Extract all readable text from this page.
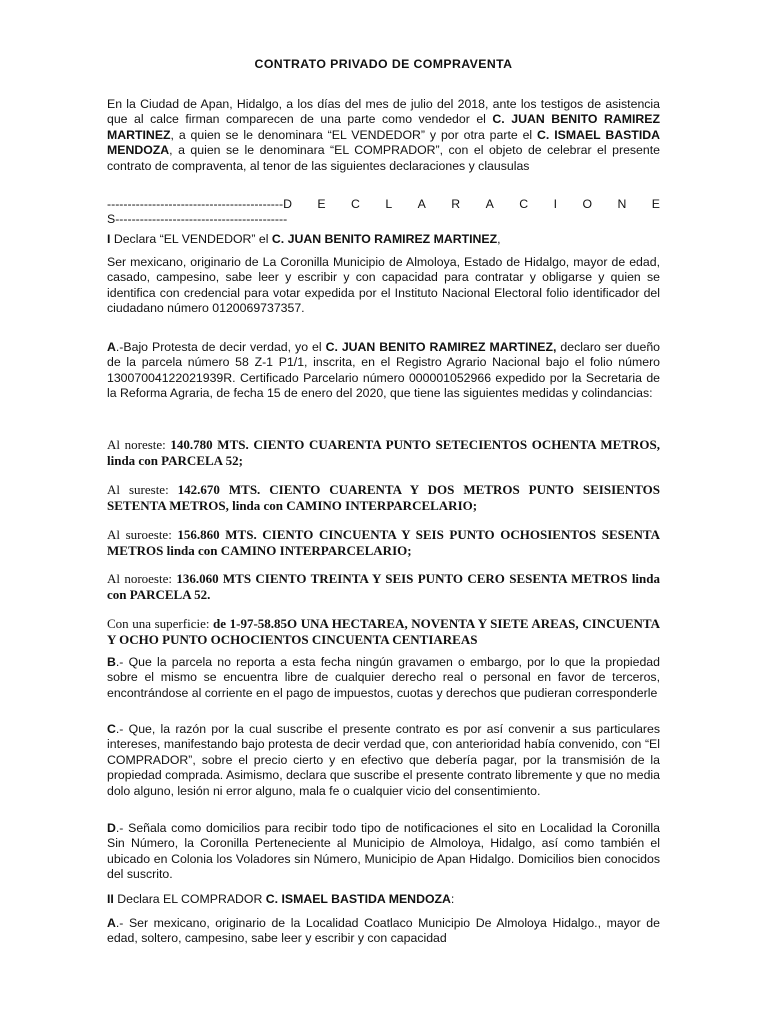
CONTRATO PRIVADO DE COMPRAVENTA

En la Ciudad de Apan, Hidalgo, a los días del mes de julio del 2018, ante los testigos de asistencia que al calce firman comparecen de una parte como vendedor el C. JUAN BENITO RAMIREZ MARTINEZ, a quien se le denominara “EL VENDEDOR” y por otra parte el C. ISMAEL BASTIDA MENDOZA, a quien se le denominara “EL COMPRADOR”, con el objeto de celebrar el presente contrato de compraventa, al tenor de las siguientes declaraciones y clausulas

-------------------------------------------D E C L A R A C I O N E
S------------------------------------------

I Declara “EL VENDEDOR” el C. JUAN BENITO RAMIREZ MARTINEZ,

Ser mexicano, originario de La Coronilla Municipio de Almoloya, Estado de Hidalgo, mayor de edad, casado, campesino, sabe leer y escribir y con capacidad para contratar y obligarse y quien se identifica con credencial para votar expedida por el Instituto Nacional Electoral folio identificador del ciudadano número 0120069737357.

A.-Bajo Protesta de decir verdad, yo el C. JUAN BENITO RAMIREZ MARTINEZ, declaro ser dueño de la parcela número 58 Z-1 P1/1, inscrita, en el Registro Agrario Nacional bajo el folio número 13007004122021939R. Certificado Parcelario número 000001052966 expedido por la Secretaria de la Reforma Agraria, de fecha 15 de enero del 2020, que tiene las siguientes medidas y colindancias:

Al noreste: 140.780 MTS. CIENTO CUARENTA PUNTO SETECIENTOS OCHENTA METROS, linda con PARCELA 52;

Al sureste: 142.670 MTS. CIENTO CUARENTA Y DOS METROS PUNTO SEISIENTOS SETENTA METROS, linda con CAMINO INTERPARCELARIO;

Al suroeste: 156.860 MTS. CIENTO CINCUENTA Y SEIS PUNTO OCHOSIENTOS SESENTA METROS linda con CAMINO INTERPARCELARIO;

Al noroeste: 136.060 MTS CIENTO TREINTA Y SEIS PUNTO CERO SESENTA METROS linda con PARCELA 52.

Con una superficie: de 1-97-58.85O UNA HECTAREA, NOVENTA Y SIETE AREAS, CINCUENTA Y OCHO PUNTO OCHOCIENTOS CINCUENTA CENTIAREAS

B.- Que la parcela no reporta a esta fecha ningún gravamen o embargo, por lo que la propiedad sobre el mismo se encuentra libre de cualquier derecho real o personal en favor de terceros, encontrándose al corriente en el pago de impuestos, cuotas y derechos que pudieran corresponderle

C.- Que, la razón por la cual suscribe el presente contrato es por así convenir a sus particulares intereses, manifestando bajo protesta de decir verdad que, con anterioridad había convenido, con “El COMPRADOR”, sobre el precio cierto y en efectivo que debería pagar, por la transmisión de la propiedad comprada. Asimismo, declara que suscribe el presente contrato libremente y que no media dolo alguno, lesión ni error alguno, mala fe o cualquier vicio del consentimiento.

D.- Señala como domicilios para recibir todo tipo de notificaciones el sito en Localidad la Coronilla Sin Número, la Coronilla Perteneciente al Municipio de Almoloya, Hidalgo, así como también el ubicado en Colonia los Voladores sin Número, Municipio de Apan Hidalgo. Domicilios bien conocidos del suscrito.

II Declara EL COMPRADOR C. ISMAEL BASTIDA MENDOZA:

A.- Ser mexicano, originario de la Localidad Coatlaco Municipio De Almoloya Hidalgo., mayor de edad, soltero, campesino, sabe leer y escribir y con capacidad
